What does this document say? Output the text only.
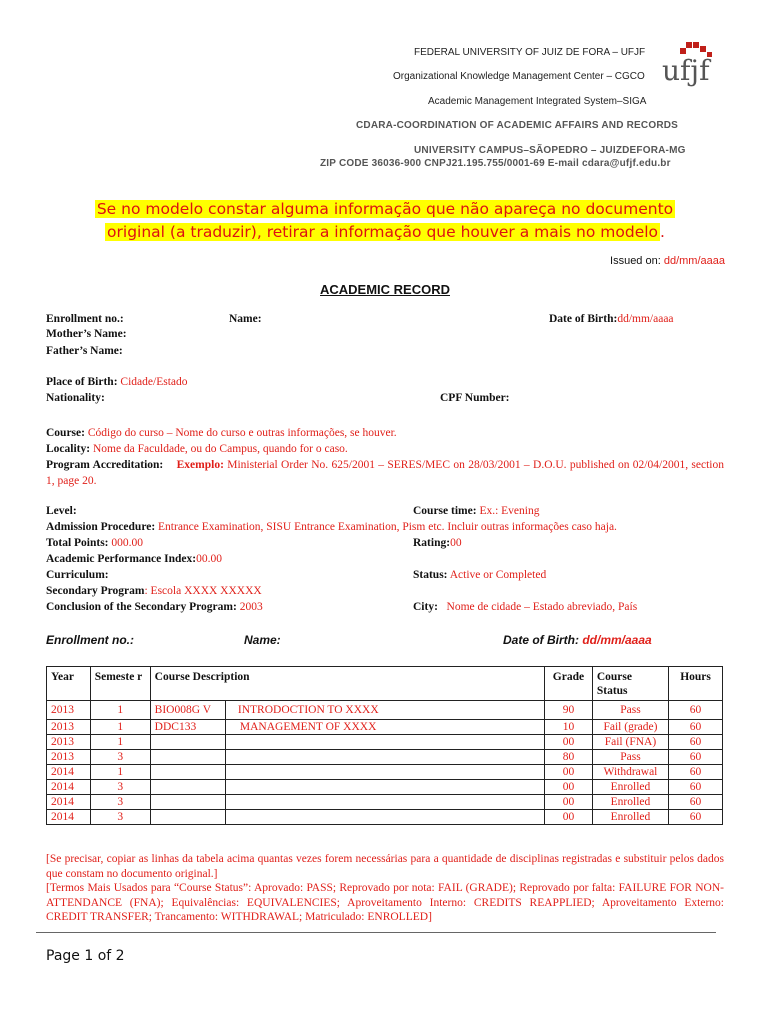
FEDERAL UNIVERSITY OF JUIZ DE FORA – UFJF
Organizational Knowledge Management Center – CGCO
Academic Management Integrated System–SIGA
CDARA-COORDINATION OF ACADEMIC AFFAIRS AND RECORDS
UNIVERSITY CAMPUS–SÃOPEDRO – JUIZDEFORA-MG
ZIP CODE 36036-900 CNPJ21.195.755/0001-69 E-mail cdara@ufjf.edu.br
ufjf
Se no modelo constar alguma informação que não apareça no documento
original (a traduzir), retirar a informação que houver a mais no modelo .
Issued on: dd/mm/aaaa
ACADEMIC RECORD
Enrollment no.:	Name:	Date of Birth:dd/mm/aaaa
Mother’s Name:
Father’s Name:
Place of Birth: Cidade/Estado
Nationality:	CPF Number:
Course: Código do curso – Nome do curso e outras informações, se houver.
Locality: Nome da Faculdade, ou do Campus, quando for o caso.
Program Accreditation: Exemplo: Ministerial Order No. 625/2001 – SERES/MEC on 28/03/2001 – D.O.U. published on 02/04/2001, section 1, page 20.
Level:	Course time: Ex.: Evening
Admission Procedure: Entrance Examination, SISU Entrance Examination, Pism etc. Incluir outras informações caso haja.
Total Points: 000.00	Rating:00
Academic Performance Index:00.00
Curriculum:	Status: Active or Completed
Secondary Program: Escola XXXX XXXXX
Conclusion of the Secondary Program: 2003	City: Nome de cidade – Estado abreviado, País
Enrollment no.:	Name:	Date of Birth: dd/mm/aaaa
Year	Semeste r	Course Description		Grade	Course Status	Hours
2013	1	BIO008G V	INTRODOCTION TO XXXX	90	Pass	60
2013	1	DDC133	MANAGEMENT OF XXXX	10	Fail (grade)	60
2013	1			00	Fail (FNA)	60
2013	3			80	Pass	60
2014	1			00	Withdrawal	60
2014	3			00	Enrolled	60
2014	3			00	Enrolled	60
2014	3			00	Enrolled	60
[Se precisar, copiar as linhas da tabela acima quantas vezes forem necessárias para a quantidade de disciplinas registradas e substituir pelos dados que constam no documento original.]
[Termos Mais Usados para “Course Status”: Aprovado: PASS; Reprovado por nota: FAIL (GRADE); Reprovado por falta: FAILURE FOR NON-ATTENDANCE (FNA); Equivalências: EQUIVALENCIES; Aproveitamento Interno: CREDITS REAPPLIED; Aproveitamento Externo: CREDIT TRANSFER; Trancamento: WITHDRAWAL; Matriculado: ENROLLED]
Page 1 of 2
